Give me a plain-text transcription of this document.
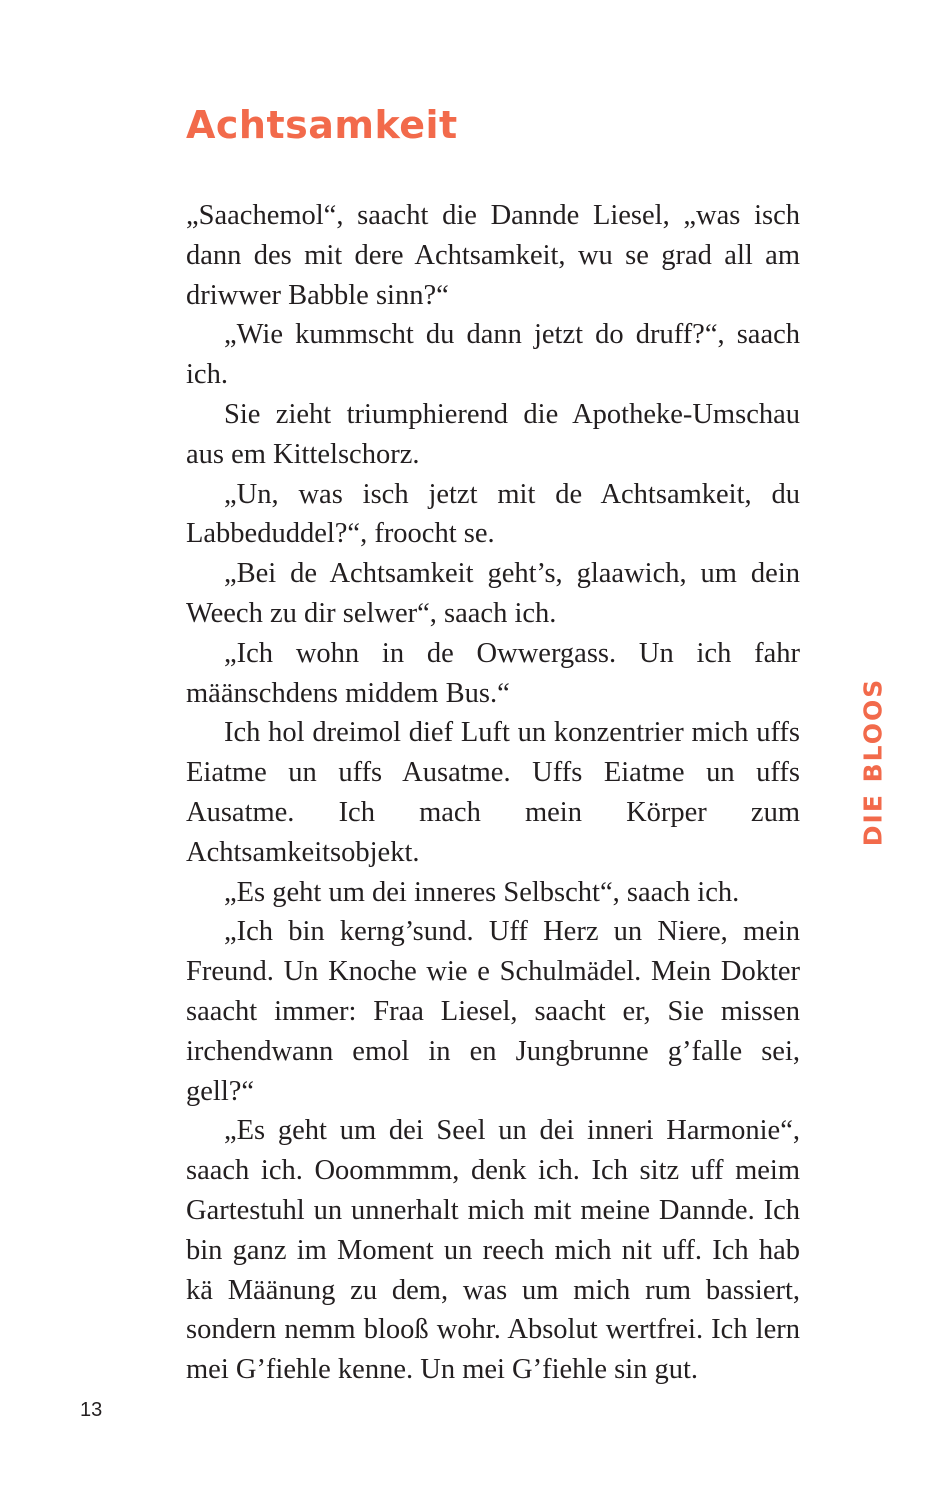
Achtsamkeit

„Saachemol“, saacht die Dannde Liesel, „was isch dann des mit dere Achtsamkeit, wu se grad all am driwwer Babble sinn?“

„Wie kummscht du dann jetzt do druff?“, saach ich.

Sie zieht triumphierend die Apotheke-Umschau aus em Kittelschorz.

„Un, was isch jetzt mit de Achtsamkeit, du Labbeduddel?“, froocht se.

„Bei de Achtsamkeit geht’s, glaawich, um dein Weech zu dir selwer“, saach ich.

„Ich wohn in de Owwergass. Un ich fahr määnschdens middem Bus.“

Ich hol dreimol dief Luft un konzentrier mich uffs Eiatme un uffs Ausatme. Uffs Eiatme un uffs Ausatme. Ich mach mein Körper zum Achtsamkeitsobjekt.

„Es geht um dei inneres Selbscht“, saach ich.

„Ich bin kerng’sund. Uff Herz un Niere, mein Freund. Un Knoche wie e Schulmädel. Mein Dokter saacht immer: Fraa Liesel, saacht er, Sie missen irchendwann emol in en Jungbrunne g’falle sei, gell?“

„Es geht um dei Seel un dei inneri Harmonie“, saach ich. Ooommmm, denk ich. Ich sitz uff meim Gartestuhl un unnerhalt mich mit meine Dannde. Ich bin ganz im Moment un reech mich nit uff. Ich hab kä Määnung zu dem, was um mich rum bassiert, sondern nemm blooß wohr. Absolut wertfrei. Ich lern mei G’fiehle kenne. Un mei G’fiehle sin gut.

DIE BLOOS
13
